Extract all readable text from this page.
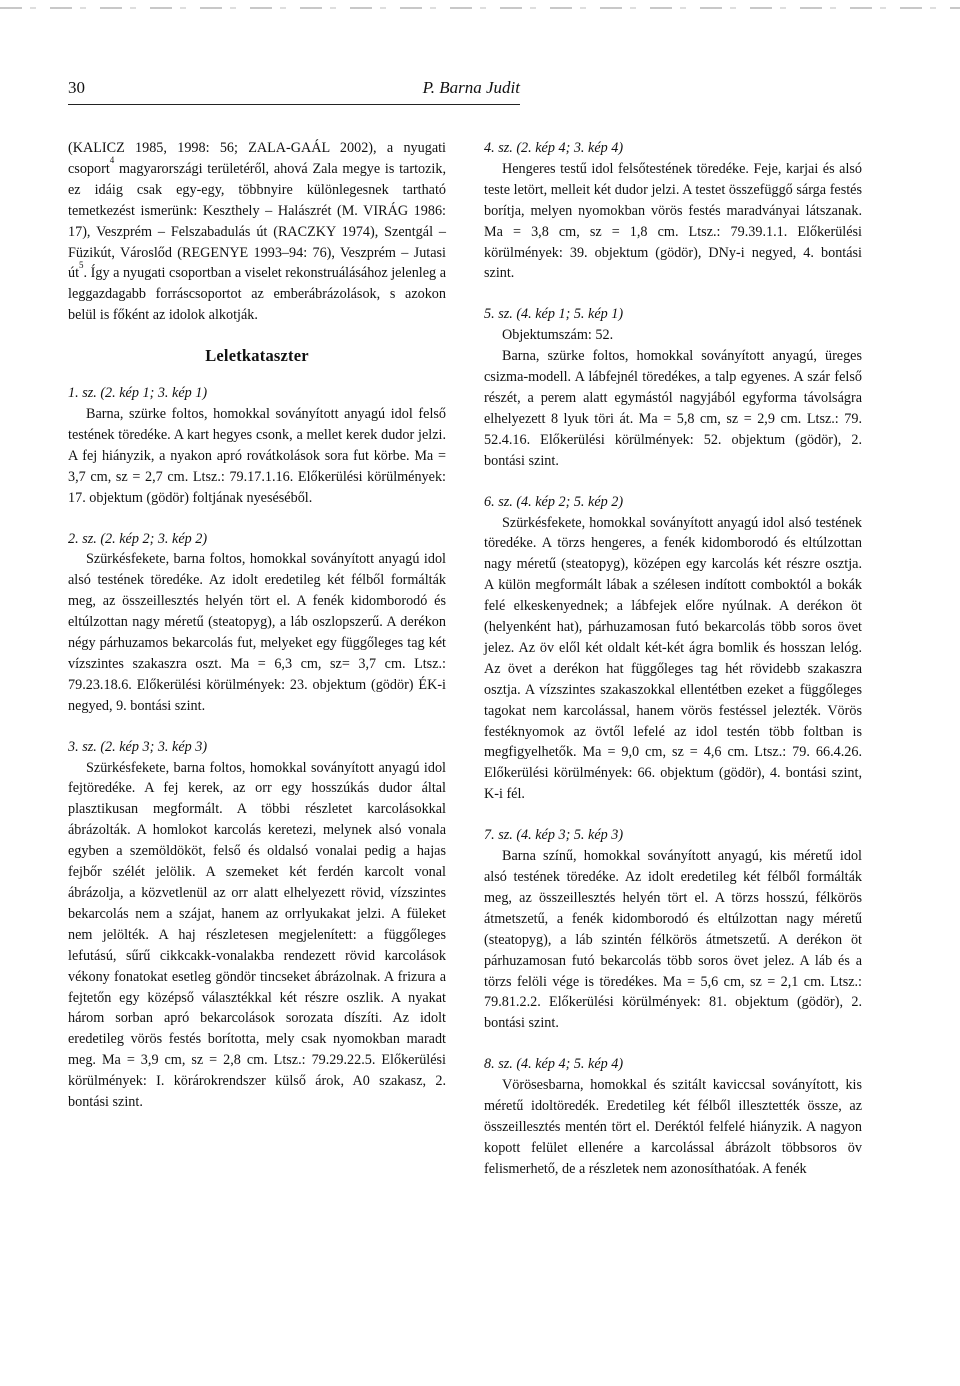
30	P. Barna Judit

(KALICZ 1985, 1998: 56; ZALA-GAÁL 2002), a nyugati csoport$^4$ magyarországi területéről, ahová Zala megye is tartozik, ez idáig csak egy-egy, többnyire különlegesnek tartható temetkezést ismerünk: Keszthely – Halászrét (M. VIRÁG 1986: 17), Veszprém – Felszabadulás út (RACZKY 1974), Szentgál – Füzikút, Városlőd (REGENYE 1993–94: 76), Veszprém – Jutasi $út^5$. Így a nyugati csoportban a viselet rekonstruálásához jelenleg a leggazdagabb forráscsoportot az emberábrázolások, s azokon belül is főként az idolok alkotják.

Leletkataszter

1. sz. (2. kép 1; 3. kép 1)

Barna, szürke foltos, homokkal soványított anyagú idol felső testének töredéke. A kart hegyes csonk, a mellet kerek dudor jelzi. A fej hiányzik, a nyakon apró rovátkolások sora fut körbe. Ma = 3,7 cm, sz = 2,7 cm. Ltsz.: 79.17.1.16. Előkerülési körülmények: 17. objektum (gödör) foltjának nyeséséből.

2. sz. (2. kép 2; 3. kép 2)

Szürkésfekete, barna foltos, homokkal soványított anyagú idol alsó testének töredéke. Az idolt eredetileg két félből formálták meg, az összeillesztés helyén tört el. A fenék kidomborodó és eltúlzottan nagy méretű (steatopyg), a láb oszlopszerű. A derékon négy párhuzamos bekarcolás fut, melyeket egy függőleges tag két vízszintes szakaszra oszt. Ma = 6,3 cm, sz= 3,7 cm. Ltsz.: 79.23.18.6. Előkerülési körülmények: 23. objektum (gödör) ÉK-i negyed, 9. bontási szint.

3. sz. (2. kép 3; 3. kép 3)

Szürkésfekete, barna foltos, homokkal soványított anyagú idol fejtöredéke. A fej kerek, az orr egy hosszúkás dudor által plasztikusan megformált. A többi részletet karcolásokkal ábrázolták. A homlokot karcolás keretezi, melynek alsó vonala egyben a szemöldököt, felső és oldalsó vonalai pedig a hajas fejbőr szélét jelölik. A szemeket két ferdén karcolt vonal ábrázolja, a közvetlenül az orr alatt elhelyezett rövid, vízszintes bekarcolás nem a szájat, hanem az orrlyukakat jelzi. A füleket nem jelölték. A haj részletesen megjelenített: a függőleges lefutású, sűrű cikkcakk-vonalakba rendezett rövid karcolások vékony fonatokat esetleg göndör tincseket ábrázolnak. A frizura a fejtetőn egy középső választékkal két részre oszlik. A nyakat három sorban apró bekarcolások sorozata díszíti. Az idolt eredetileg vörös festés borította, mely csak nyomokban maradt meg. Ma = 3,9 cm, sz = 2,8 cm. Ltsz.: 79.29.22.5. Előkerülési körülmények: I. körárokrendszer külső árok, A0 szakasz, 2. bontási szint.

4. sz. (2. kép 4; 3. kép 4)

Hengeres testű idol felsőtestének töredéke. Feje, karjai és alsó teste letört, melleit két dudor jelzi. A testet összefüggő sárga festés borítja, melyen nyomokban vörös festés maradványai látszanak. Ma = 3,8 cm, sz = 1,8 cm. Ltsz.: 79.39.1.1. Előkerülési körülmények: 39. objektum (gödör), DNy-i negyed, 4. bontási szint.

5. sz. (4. kép 1; 5. kép 1)

Objektumszám: 52.

Barna, szürke foltos, homokkal soványított anyagú, üreges csizma-modell. A lábfejnél töredékes, a talp egyenes. A szár felső részét, a perem alatt egymástól nagyjából egyforma távolságra elhelyezett 8 lyuk töri át. Ma = 5,8 cm, sz = 2,9 cm. Ltsz.: 79. 52.4.16. Előkerülési körülmények: 52. objektum (gödör), 2. bontási szint.

6. sz. (4. kép 2; 5. kép 2)

Szürkésfekete, homokkal soványított anyagú idol alsó testének töredéke. A törzs hengeres, a fenék kidomborodó és eltúlzottan nagy méretű (steatopyg), középen egy karcolás két részre osztja. A külön megformált lábak a szélesen indított comboktól a bokák felé elkeskenyednek; a lábfejek előre nyúlnak. A derékon öt (helyenként hat), párhuzamosan futó bekarcolás több soros övet jelez. Az öv elől két oldalt két-két ágra bomlik és hosszan lelóg. Az övet a derékon hat függőleges tag hét rövidebb szakaszra osztja. A vízszintes szakaszokkal ellentétben ezeket a függőleges tagokat nem karcolással, hanem vörös festéssel jelezték. Vörös festéknyomok az övtől lefelé az idol testén több foltban is megfigyelhetők. Ma = 9,0 cm, sz = 4,6 cm. Ltsz.: 79. 66.4.26. Előkerülési körülmények: 66. objektum (gödör), 4. bontási szint, K-i fél.

7. sz. (4. kép 3; 5. kép 3)

Barna színű, homokkal soványított anyagú, kis méretű idol alsó testének töredéke. Az idolt eredetileg két félből formálták meg, az összeillesztés helyén tört el. A törzs hosszú, félkörös átmetszetű, a fenék kidomborodó és eltúlzottan nagy méretű (steatopyg), a láb szintén félkörös átmetszetű. A derékon öt párhuzamosan futó bekarcolás több soros övet jelez. A láb és a törzs felöli vége is töredékes. Ma = 5,6 cm, sz = 2,1 cm. Ltsz.: 79.81.2.2. Előkerülési körülmények: 81. objektum (gödör), 2. bontási szint.

8. sz. (4. kép 4; 5. kép 4)

Vörösesbarna, homokkal és szitált kaviccsal soványított, kis méretű idoltöredék. Eredetileg két félből illesztették össze, az összeillesztés mentén tört el. Deréktól felfelé hiányzik. A nagyon kopott felület ellenére a karcolással ábrázolt többsoros öv felismerhető, de a részletek nem azonosíthatóak. A fenék
